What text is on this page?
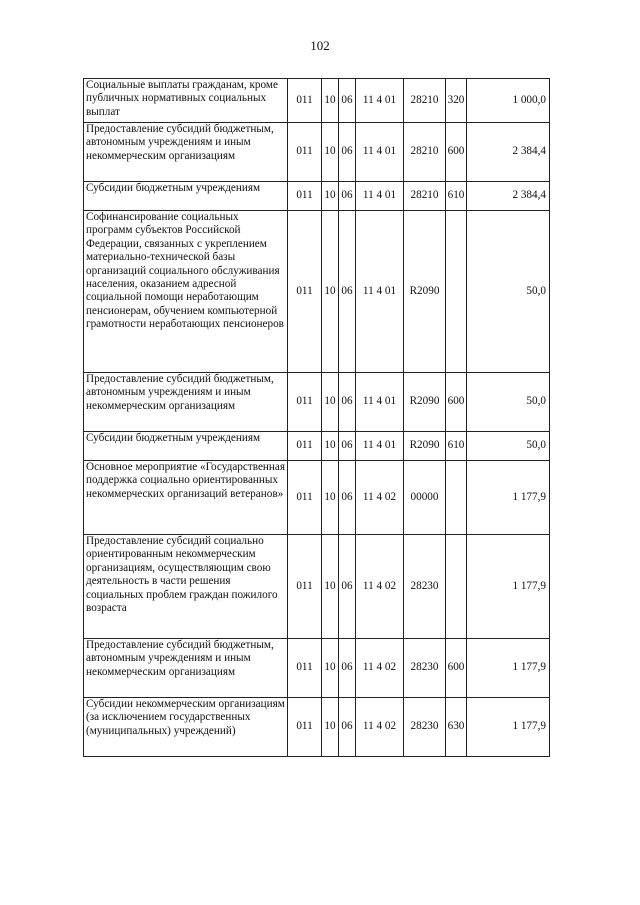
102
Социальные выплаты гражданам, кроме публичных нормативных социальных выплат	011	10	06	11 4 01	28210	320	1 000,0
Предоставление субсидий бюджетным, автономным учреждениям и иным некоммерческим организациям	011	10	06	11 4 01	28210	600	2 384,4
Субсидии бюджетным учреждениям	011	10	06	11 4 01	28210	610	2 384,4
Софинансирование социальных программ субъектов Российской Федерации, связанных с укреплением материально-технической базы организаций социального обслуживания населения, оказанием адресной социальной помощи неработающим пенсионерам, обучением компьютерной грамотности неработающих пенсионеров	011	10	06	11 4 01	R2090		50,0
Предоставление субсидий бюджетным, автономным учреждениям и иным некоммерческим организациям	011	10	06	11 4 01	R2090	600	50,0
Субсидии бюджетным учреждениям	011	10	06	11 4 01	R2090	610	50,0
Основное мероприятие «Государственная поддержка социально ориентированных некоммерческих организаций ветеранов»	011	10	06	11 4 02	00000		1 177,9
Предоставление субсидий социально ориентированным некоммерческим организациям, осуществляющим свою деятельность в части решения социальных проблем граждан пожилого возраста	011	10	06	11 4 02	28230		1 177,9
Предоставление субсидий бюджетным, автономным учреждениям и иным некоммерческим организациям	011	10	06	11 4 02	28230	600	1 177,9
Субсидии некоммерческим организациям (за исключением государственных (муниципальных) учреждений)	011	10	06	11 4 02	28230	630	1 177,9
